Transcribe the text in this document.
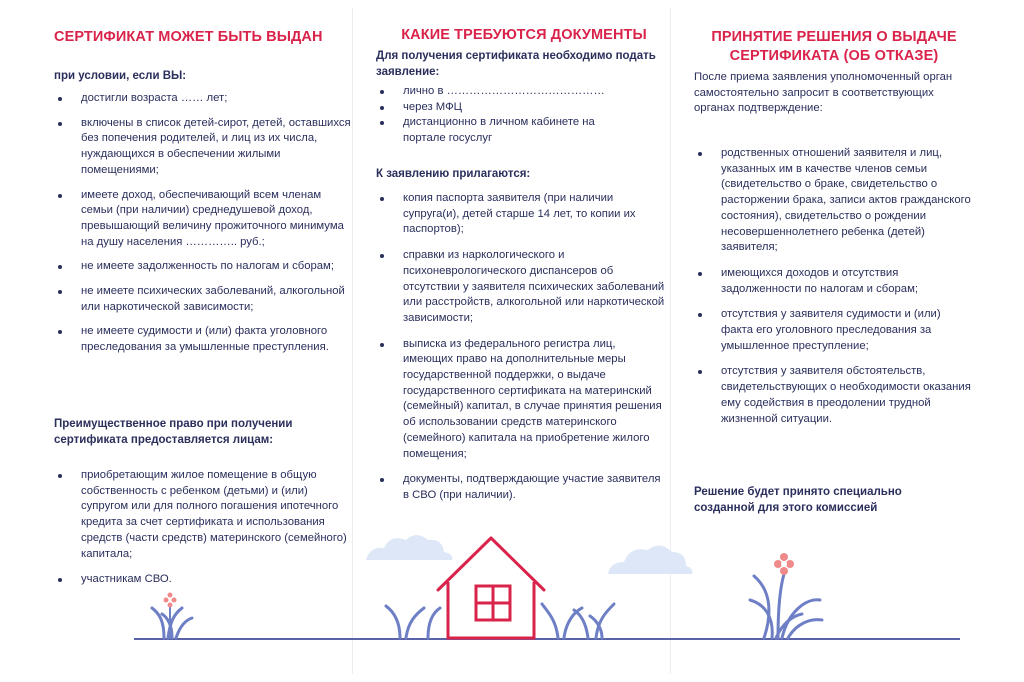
СЕРТИФИКАТ МОЖЕТ БЫТЬ ВЫДАН

при условии, если ВЫ:

достигли возраста …… лет;
включены в список детей-сирот, детей, оставшихся без попечения родителей, и лиц из их числа, нуждающихся в обеспечении жилыми помещениями;
имеете доход, обеспечивающий всем членам семьи (при наличии) среднедушевой доход, превышающий величину прожиточного минимума на душу населения ………….. руб.;
не имеете задолженность по налогам и сборам;
не имеете психических заболеваний, алкогольной или наркотической зависимости;
не имеете судимости и (или) факта уголовного преследования за умышленные преступления.

Преимущественное право при получении сертификата предоставляется лицам:

приобретающим жилое помещение в общую собственность с ребенком (детьми) и (или) супругом или для полного погашения ипотечного кредита за счет сертификата и использования средств (части средств) материнского (семейного) капитала;
участникам СВО.
КАКИЕ ТРЕБУЮТСЯ ДОКУМЕНТЫ

Для получения сертификата необходимо подать заявление:

лично в ……………………………………
через МФЦ
дистанционно в личном кабинете на портале госуслуг

К заявлению прилагаются:

копия паспорта заявителя (при наличии супруга(и), детей старше 14 лет, то копии их паспортов);
справки из наркологического и психоневрологического диспансеров об отсутствии у заявителя психических заболеваний или расстройств, алкогольной или наркотической зависимости;
выписка из федерального регистра лиц, имеющих право на дополнительные меры государственной поддержки, о выдаче государственного сертификата на материнский (семейный) капитал, в случае принятия решения об использовании средств материнского (семейного) капитала на приобретение жилого помещения;
документы, подтверждающие участие заявителя в СВО (при наличии).
ПРИНЯТИЕ РЕШЕНИЯ О ВЫДАЧЕ СЕРТИФИКАТА (ОБ ОТКАЗЕ)

После приема заявления уполномоченный орган самостоятельно запросит в соответствующих органах подтверждение:

родственных отношений заявителя и лиц, указанных им в качестве членов семьи (свидетельство о браке, свидетельство о расторжении брака, записи актов гражданского состояния), свидетельство о рождении несовершеннолетнего ребенка (детей) заявителя;
имеющихся доходов и отсутствия задолженности по налогам и сборам;
отсутствия у заявителя судимости и (или) факта его уголовного преследования за умышленное преступление;
отсутствия у заявителя обстоятельств, свидетельствующих о необходимости оказания ему содействия в преодолении трудной жизненной ситуации.

Решение будет принято специально созданной для этого комиссией
